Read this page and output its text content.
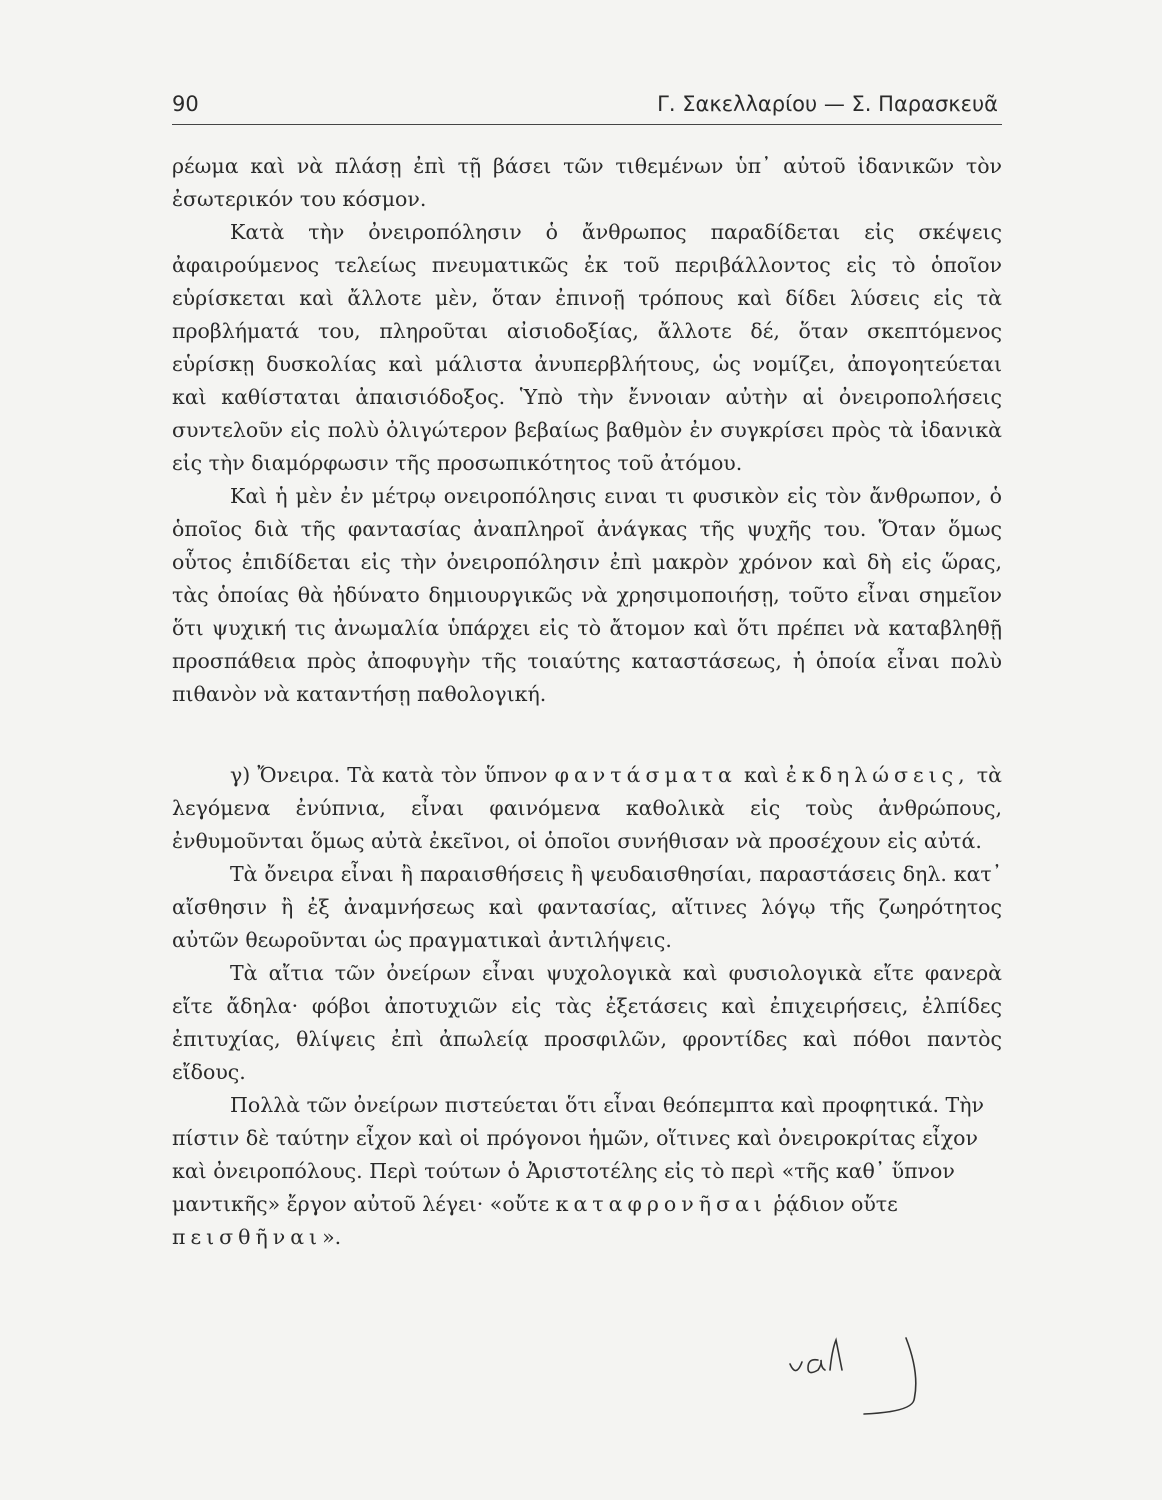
90	Γ. Σακελλαρίου — Σ. Παρασκευᾶ

ρέωμα καὶ νὰ πλάσῃ ἐπὶ τῇ βάσει τῶν τιθεμένων ὑπ᾽ αὐτοῦ ἰδανικῶν τὸν ἐσωτερικόν του κόσμον.

Κατὰ τὴν ὀνειροπόλησιν ὁ ἄνθρωπος παραδίδεται εἰς σκέψεις ἀφαιρούμενος τελείως πνευματικῶς ἐκ τοῦ περιβάλλοντος εἰς τὸ ὁποῖον εὑρίσκεται καὶ ἄλλοτε μὲν, ὅταν ἐπινοῇ τρόπους καὶ δίδει λύσεις εἰς τὰ προβλήματά του, πληροῦται αἰσιοδοξίας, ἄλλοτε δέ, ὅταν σκεπτόμενος εὑρίσκῃ δυσκολίας καὶ μάλιστα ἀνυπερβλήτους, ὡς νομίζει, ἀπογοητεύεται καὶ καθίσταται ἀπαισιόδοξος. Ὑπὸ τὴν ἔννοιαν αὐτὴν αἱ ὀνειροπολήσεις συντελοῦν εἰς πολὺ ὀλιγώτερον βεβαίως βαθμὸν ἐν συγκρίσει πρὸς τὰ ἰδανικὰ εἰς τὴν διαμόρφωσιν τῆς προσωπικότητος τοῦ ἀτόμου.

Καὶ ἡ μὲν ἐν μέτρῳ ονειροπόλησις ειναι τι φυσικὸν εἰς τὸν ἄνθρωπον, ὁ ὁποῖος διὰ τῆς φαντασίας ἀναπληροῖ ἀνάγκας τῆς ψυχῆς του. Ὅταν ὅμως οὗτος ἐπιδίδεται εἰς τὴν ὀνειροπόλησιν ἐπὶ μακρὸν χρόνον καὶ δὴ εἰς ὥρας, τὰς ὁποίας θὰ ἠδύνατο δημιουργικῶς νὰ χρησιμοποιήσῃ, τοῦτο εἶναι σημεῖον ὅτι ψυχική τις ἀνωμαλία ὑπάρχει εἰς τὸ ἄτομον καὶ ὅτι πρέπει νὰ καταβληθῇ προσπάθεια πρὸς ἀποφυγὴν τῆς τοιαύτης καταστάσεως, ἡ ὁποία εἶναι πολὺ πιθανὸν νὰ καταντήσῃ παθολογική.

γ) Ὄνειρα. Τὰ κατὰ τὸν ὕπνον φαντάσματα καὶ ἐκδηλώσεις, τὰ λεγόμενα ἐνύπνια, εἶναι φαινόμενα καθολικὰ εἰς τοὺς ἀνθρώπους, ἐνθυμοῦνται ὅμως αὐτὰ ἐκεῖνοι, οἱ ὁποῖοι συνήθισαν νὰ προσέχουν εἰς αὐτά.

Τὰ ὄνειρα εἶναι ἢ παραισθήσεις ἢ ψευδαισθησίαι, παραστάσεις δηλ. κατ᾽ αἴσθησιν ἢ ἐξ ἀναμνήσεως καὶ φαντασίας, αἵτινες λόγῳ τῆς ζωηρότητος αὐτῶν θεωροῦνται ὡς πραγματικαὶ ἀντιλήψεις.

Τὰ αἴτια τῶν ὀνείρων εἶναι ψυχολογικὰ καὶ φυσιολογικὰ εἴτε φανερὰ εἴτε ἄδηλα· φόβοι ἀποτυχιῶν εἰς τὰς ἐξετάσεις καὶ ἐπιχειρήσεις, ἐλπίδες ἐπιτυχίας, θλίψεις ἐπὶ ἀπωλείᾳ προσφιλῶν, φροντίδες καὶ πόθοι παντὸς εἴδους.

Πολλὰ τῶν ὀνείρων πιστεύεται ὅτι εἶναι θεόπεμπτα καὶ προφητικά. Τὴν πίστιν δὲ ταύτην εἶχον καὶ οἱ πρόγονοι ἡμῶν, οἵτινες καὶ ὀνειροκρίτας εἶχον καὶ ὀνειροπόλους. Περὶ τούτων ὁ Ἀριστοτέλης εἰς τὸ περὶ «τῆς καθ᾽ ὕπνον μαντικῆς» ἔργον αὐτοῦ λέγει· «οὔτε καταφρονῆσαι ῥᾴδιον οὔτε πεισθῆναι».
